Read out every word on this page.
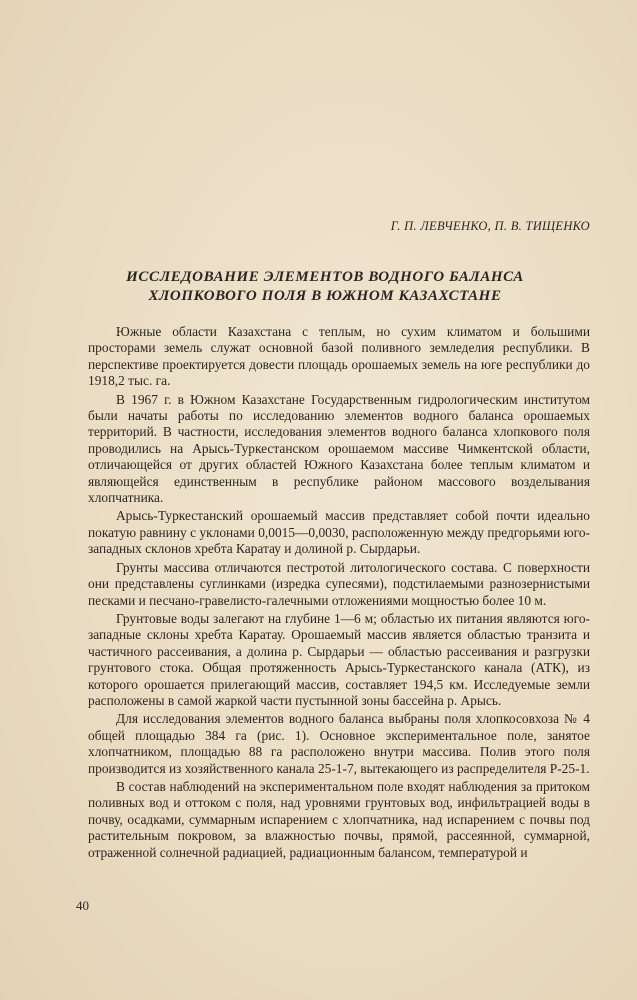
Г. П. ЛЕВЧЕНКО, П. В. ТИЩЕНКО
ИССЛЕДОВАНИЕ ЭЛЕМЕНТОВ ВОДНОГО БАЛАНСА
ХЛОПКОВОГО ПОЛЯ В ЮЖНОМ КАЗАХСТАНЕ

Южные области Казахстана с теплым, но сухим климатом и большими просторами земель служат основной базой поливного земледелия республики. В перспективе проектируется довести площадь орошаемых земель на юге республики до 1918,2 тыс. га.

В 1967 г. в Южном Казахстане Государственным гидрологическим институтом были начаты работы по исследованию элементов водного баланса орошаемых территорий. В частности, исследования элементов водного баланса хлопкового поля проводились на Арысь-Туркестанском орошаемом массиве Чимкентской области, отличающейся от других областей Южного Казахстана более теплым климатом и являющейся единственным в республике районом массового возделывания хлопчатника.

Арысь-Туркестанский орошаемый массив представляет собой почти идеально покатую равнину с уклонами 0,0015—0,0030, расположенную между предгорьями юго-западных склонов хребта Каратау и долиной р. Сырдарьи.

Грунты массива отличаются пестротой литологического состава. С поверхности они представлены суглинками (изредка супесями), подстилаемыми разнозернистыми песками и песчано-гравелисто-галечными отложениями мощностью более 10 м.

Грунтовые воды залегают на глубине 1—6 м; областью их питания являются юго-западные склоны хребта Каратау. Орошаемый массив является областью транзита и частичного рассеивания, а долина р. Сырдарьи — областью рассеивания и разгрузки грунтового стока. Общая протяженность Арысь-Туркестанского канала (АТК), из которого орошается прилегающий массив, составляет 194,5 км. Исследуемые земли расположены в самой жаркой части пустынной зоны бассейна р. Арысь.

Для исследования элементов водного баланса выбраны поля хлопкосовхоза № 4 общей площадью 384 га (рис. 1). Основное экспериментальное поле, занятое хлопчатником, площадью 88 га расположено внутри массива. Полив этого поля производится из хозяйственного канала 25-1-7, вытекающего из распределителя Р-25-1.

В состав наблюдений на экспериментальном поле входят наблюдения за притоком поливных вод и оттоком с поля, над уровнями грунтовых вод, инфильтрацией воды в почву, осадками, суммарным испарением с хлопчатника, над испарением с почвы под растительным покровом, за влажностью почвы, прямой, рассеянной, суммарной, отраженной солнечной радиацией, радиационным балансом, температурой и

40
